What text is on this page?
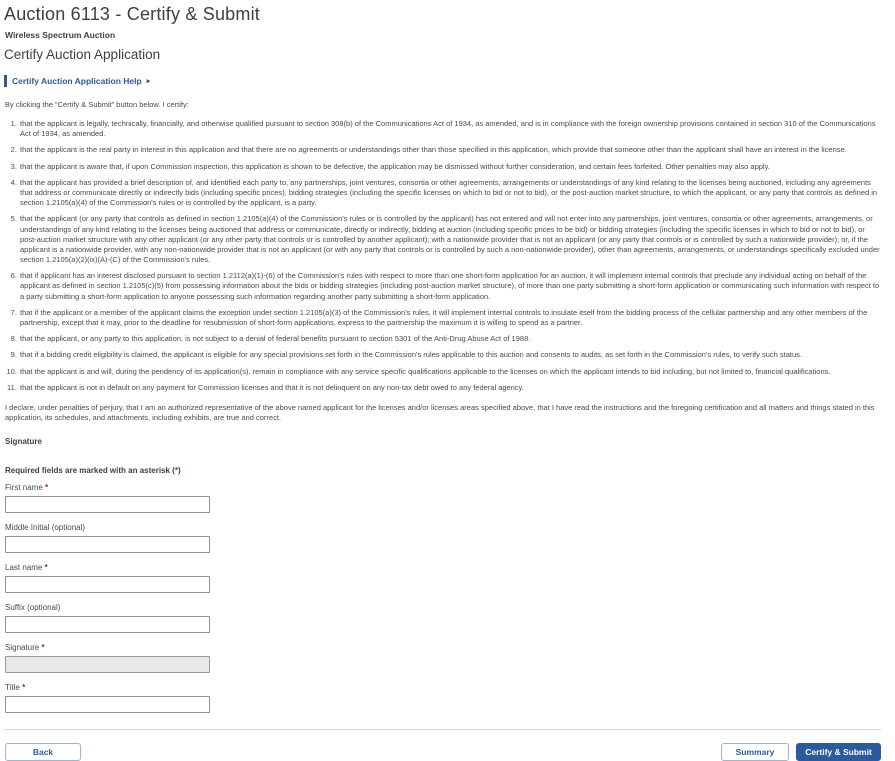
Auction 6113 - Certify & Submit
Wireless Spectrum Auction
Certify Auction Application
Certify Auction Application Help ▸

By clicking the “Certify & Submit” button below. I certify:

1. that the applicant is legally, technically, financially, and otherwise qualified pursuant to section 308(b) of the Communications Act of 1934, as amended, and is in compliance with the foreign ownership provisions contained in section 310 of the Communications Act of 1934, as amended.
2. that the applicant is the real party in interest in this application and that there are no agreements or understandings other than those specified in this application, which provide that someone other than the applicant shall have an interest in the license.
3. that the applicant is aware that, if upon Commission inspection, this application is shown to be defective, the application may be dismissed without further consideration, and certain fees forfeited. Other penalties may also apply.
4. that the applicant has provided a brief description of, and identified each party to, any partnerships, joint ventures, consortia or other agreements, arrangements or understandings of any kind relating to the licenses being auctioned, including any agreements that address or communicate directly or indirectly bids (including specific prices), bidding strategies (including the specific licenses on which to bid or not to bid), or the post-auction market structure, to which the applicant, or any party that controls as defined in section 1.2105(a)(4) of the Commission's rules or is controlled by the applicant, is a party.
5. that the applicant (or any party that controls as defined in section 1.2105(a)(4) of the Commission's rules or is controlled by the applicant) has not entered and will not enter into any partnerships, joint ventures, consortia or other agreements, arrangements, or understandings of any kind relating to the licenses being auctioned that address or communicate, directly or indirectly, bidding at auction (including specific prices to be bid) or bidding strategies (including the specific licenses in which to bid or not to bid), or post-auction market structure with any other applicant (or any other party that controls or is controlled by another applicant); with a nationwide provider that is not an applicant (or any party that controls or is controlled by such a nationwide provider); or, if the applicant is a nationwide provider, with any non-nationwide provider that is not an applicant (or with any party that controls or is controlled by such a non-nationwide provider), other than agreements, arrangements, or understandings specifically excluded under section 1.2105(a)(2)(ix)(A)-(C) of the Commission's rules.
6. that if applicant has an interest disclosed pursuant to section 1.2112(a)(1)-(6) of the Commission's rules with respect to more than one short-form application for an auction, it will implement internal controls that preclude any individual acting on behalf of the applicant as defined in section 1.2105(c)(5) from possessing information about the bids or bidding strategies (including post-auction market structure), of more than one party submitting a short-form application or communicating such information with respect to a party submitting a short-form application to anyone possessing such information regarding another party submitting a short-form application.
7. that if the applicant or a member of the applicant claims the exception under section 1.2105(a)(3) of the Commission's rules, it will implement internal controls to insulate itself from the bidding process of the cellular partnership and any other members of the partnership, except that it may, prior to the deadline for resubmission of short-form applications, express to the partnership the maximum it is willing to spend as a partner.
8. that the applicant, or any party to this application, is not subject to a denial of federal benefits pursuant to section 5301 of the Anti-Drug Abuse Act of 1988.
9. that if a bidding credit eligibility is claimed, the applicant is eligible for any special provisions set forth in the Commission's rules applicable to this auction and consents to audits, as set forth in the Commission's rules, to verify such status.
10. that the applicant is and will, during the pendency of its application(s), remain in compliance with any service specific qualifications applicable to the licenses on which the applicant intends to bid including, but not limited to, financial qualifications.
11. that the applicant is not in default on any payment for Commission licenses and that it is not delinquent on any non-tax debt owed to any federal agency.

I declare, under penalties of perjury, that I am an authorized representative of the above named applicant for the licenses and/or licenses areas specified above, that I have read the instructions and the foregoing certification and all matters and things stated in this application, its schedules, and attachments, including exhibits, are true and correct.

Signature
Required fields are marked with an asterisk (*)
First name *
Middle Initial (optional)
Last name *
Suffix (optional)
Signature *
Title *
Back	Summary	Certify & Submit
